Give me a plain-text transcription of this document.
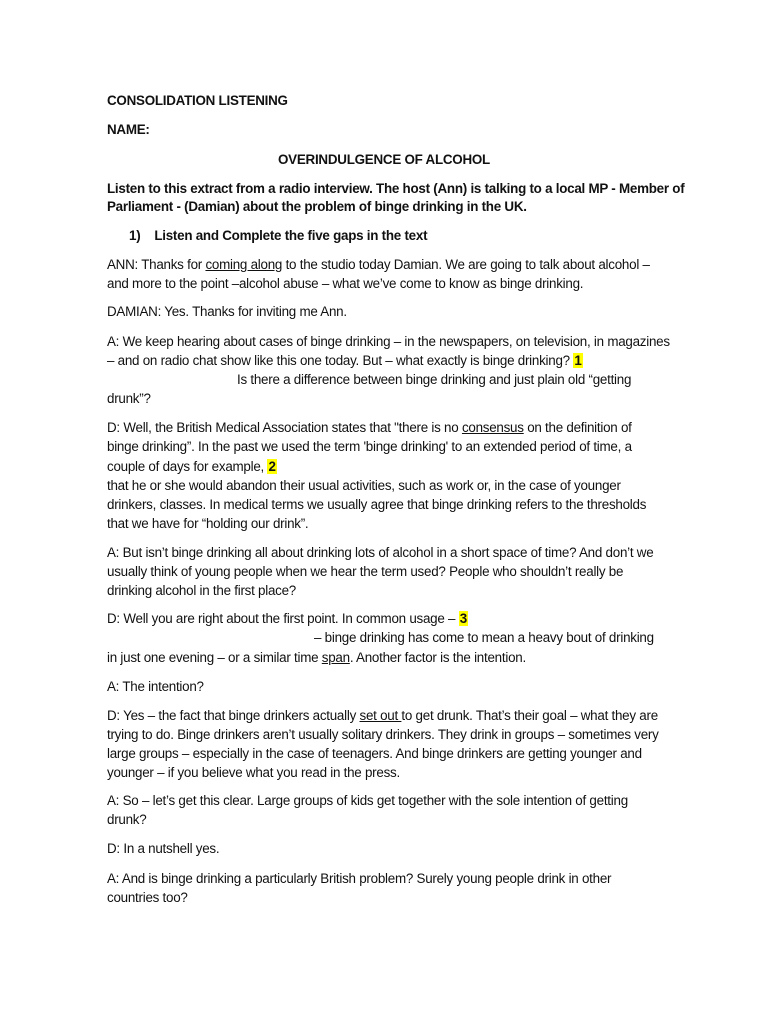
CONSOLIDATION LISTENING

NAME:

OVERINDULGENCE OF ALCOHOL

Listen to this extract from a radio interview. The host (Ann) is talking to a local MP - Member of

Parliament - (Damian) about the problem of binge drinking in the UK.

1) Listen and Complete the five gaps in the text

ANN: Thanks for coming along to the studio today Damian. We are going to talk about alcohol –

and more to the point –alcohol abuse – what we’ve come to know as binge drinking.

DAMIAN: Yes. Thanks for inviting me Ann.

A: We keep hearing about cases of binge drinking – in the newspapers, on television, in magazines

– and on radio chat show like this one today. But – what exactly is binge drinking? 1

Is there a difference between binge drinking and just plain old “getting

drunk”?

D: Well, the British Medical Association states that "there is no consensus on the definition of

binge drinking”. In the past we used the term 'binge drinking' to an extended period of time, a

couple of days for example, 2

that he or she would abandon their usual activities, such as work or, in the case of younger

drinkers, classes. In medical terms we usually agree that binge drinking refers to the thresholds

that we have for “holding our drink”.

A: But isn’t binge drinking all about drinking lots of alcohol in a short space of time? And don’t we

usually think of young people when we hear the term used? People who shouldn’t really be

drinking alcohol in the first place?

D: Well you are right about the first point. In common usage – 3

– binge drinking has come to mean a heavy bout of drinking

in just one evening – or a similar time span. Another factor is the intention.

A: The intention?

D: Yes – the fact that binge drinkers actually set out to get drunk. That’s their goal – what they are

trying to do. Binge drinkers aren’t usually solitary drinkers. They drink in groups – sometimes very

large groups – especially in the case of teenagers. And binge drinkers are getting younger and

younger – if you believe what you read in the press.

A: So – let’s get this clear. Large groups of kids get together with the sole intention of getting

drunk?

D: In a nutshell yes.

A: And is binge drinking a particularly British problem? Surely young people drink in other

countries too?
